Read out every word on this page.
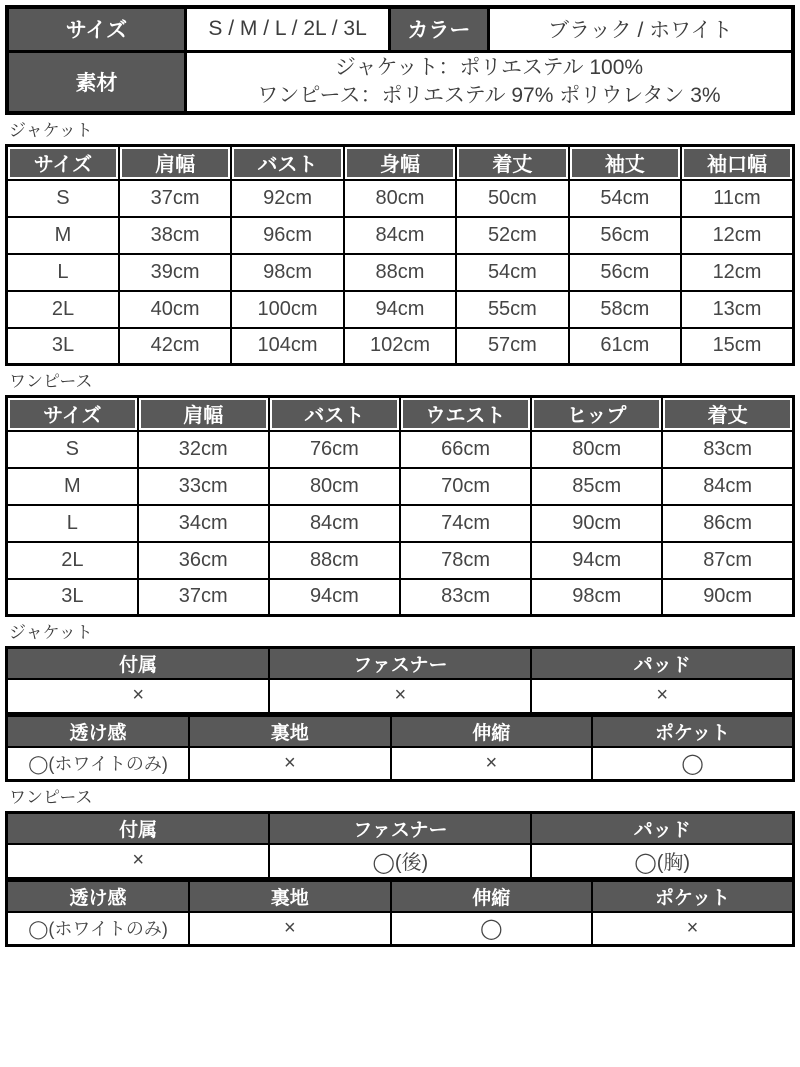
サイズ	S / M / L / 2L / 3L	カラー	ブラック / ホワイト
素材	ジャケット：ポリエステル 100%
ワンピース：ポリエステル 97% ポリウレタン 3%		
ジャケット
サイズ	肩幅	バスト	身幅	着丈	袖丈	袖口幅
S	37cm	92cm	80cm	50cm	54cm	11cm
M	38cm	96cm	84cm	52cm	56cm	12cm
L	39cm	98cm	88cm	54cm	56cm	12cm
2L	40cm	100cm	94cm	55cm	58cm	13cm
3L	42cm	104cm	102cm	57cm	61cm	15cm
ワンピース
サイズ	肩幅	バスト	ウエスト	ヒップ	着丈
S	32cm	76cm	66cm	80cm	83cm
M	33cm	80cm	70cm	85cm	84cm
L	34cm	84cm	74cm	90cm	86cm
2L	36cm	88cm	78cm	94cm	87cm
3L	37cm	94cm	83cm	98cm	90cm
ジャケット
付属	ファスナー	パッド
×	×	×
透け感	裏地	伸縮	ポケット
◯(ホワイトのみ)	×	×	◯
ワンピース
付属	ファスナー	パッド
×	◯(後)	◯(胸)
透け感	裏地	伸縮	ポケット
◯(ホワイトのみ)	×	◯	×
